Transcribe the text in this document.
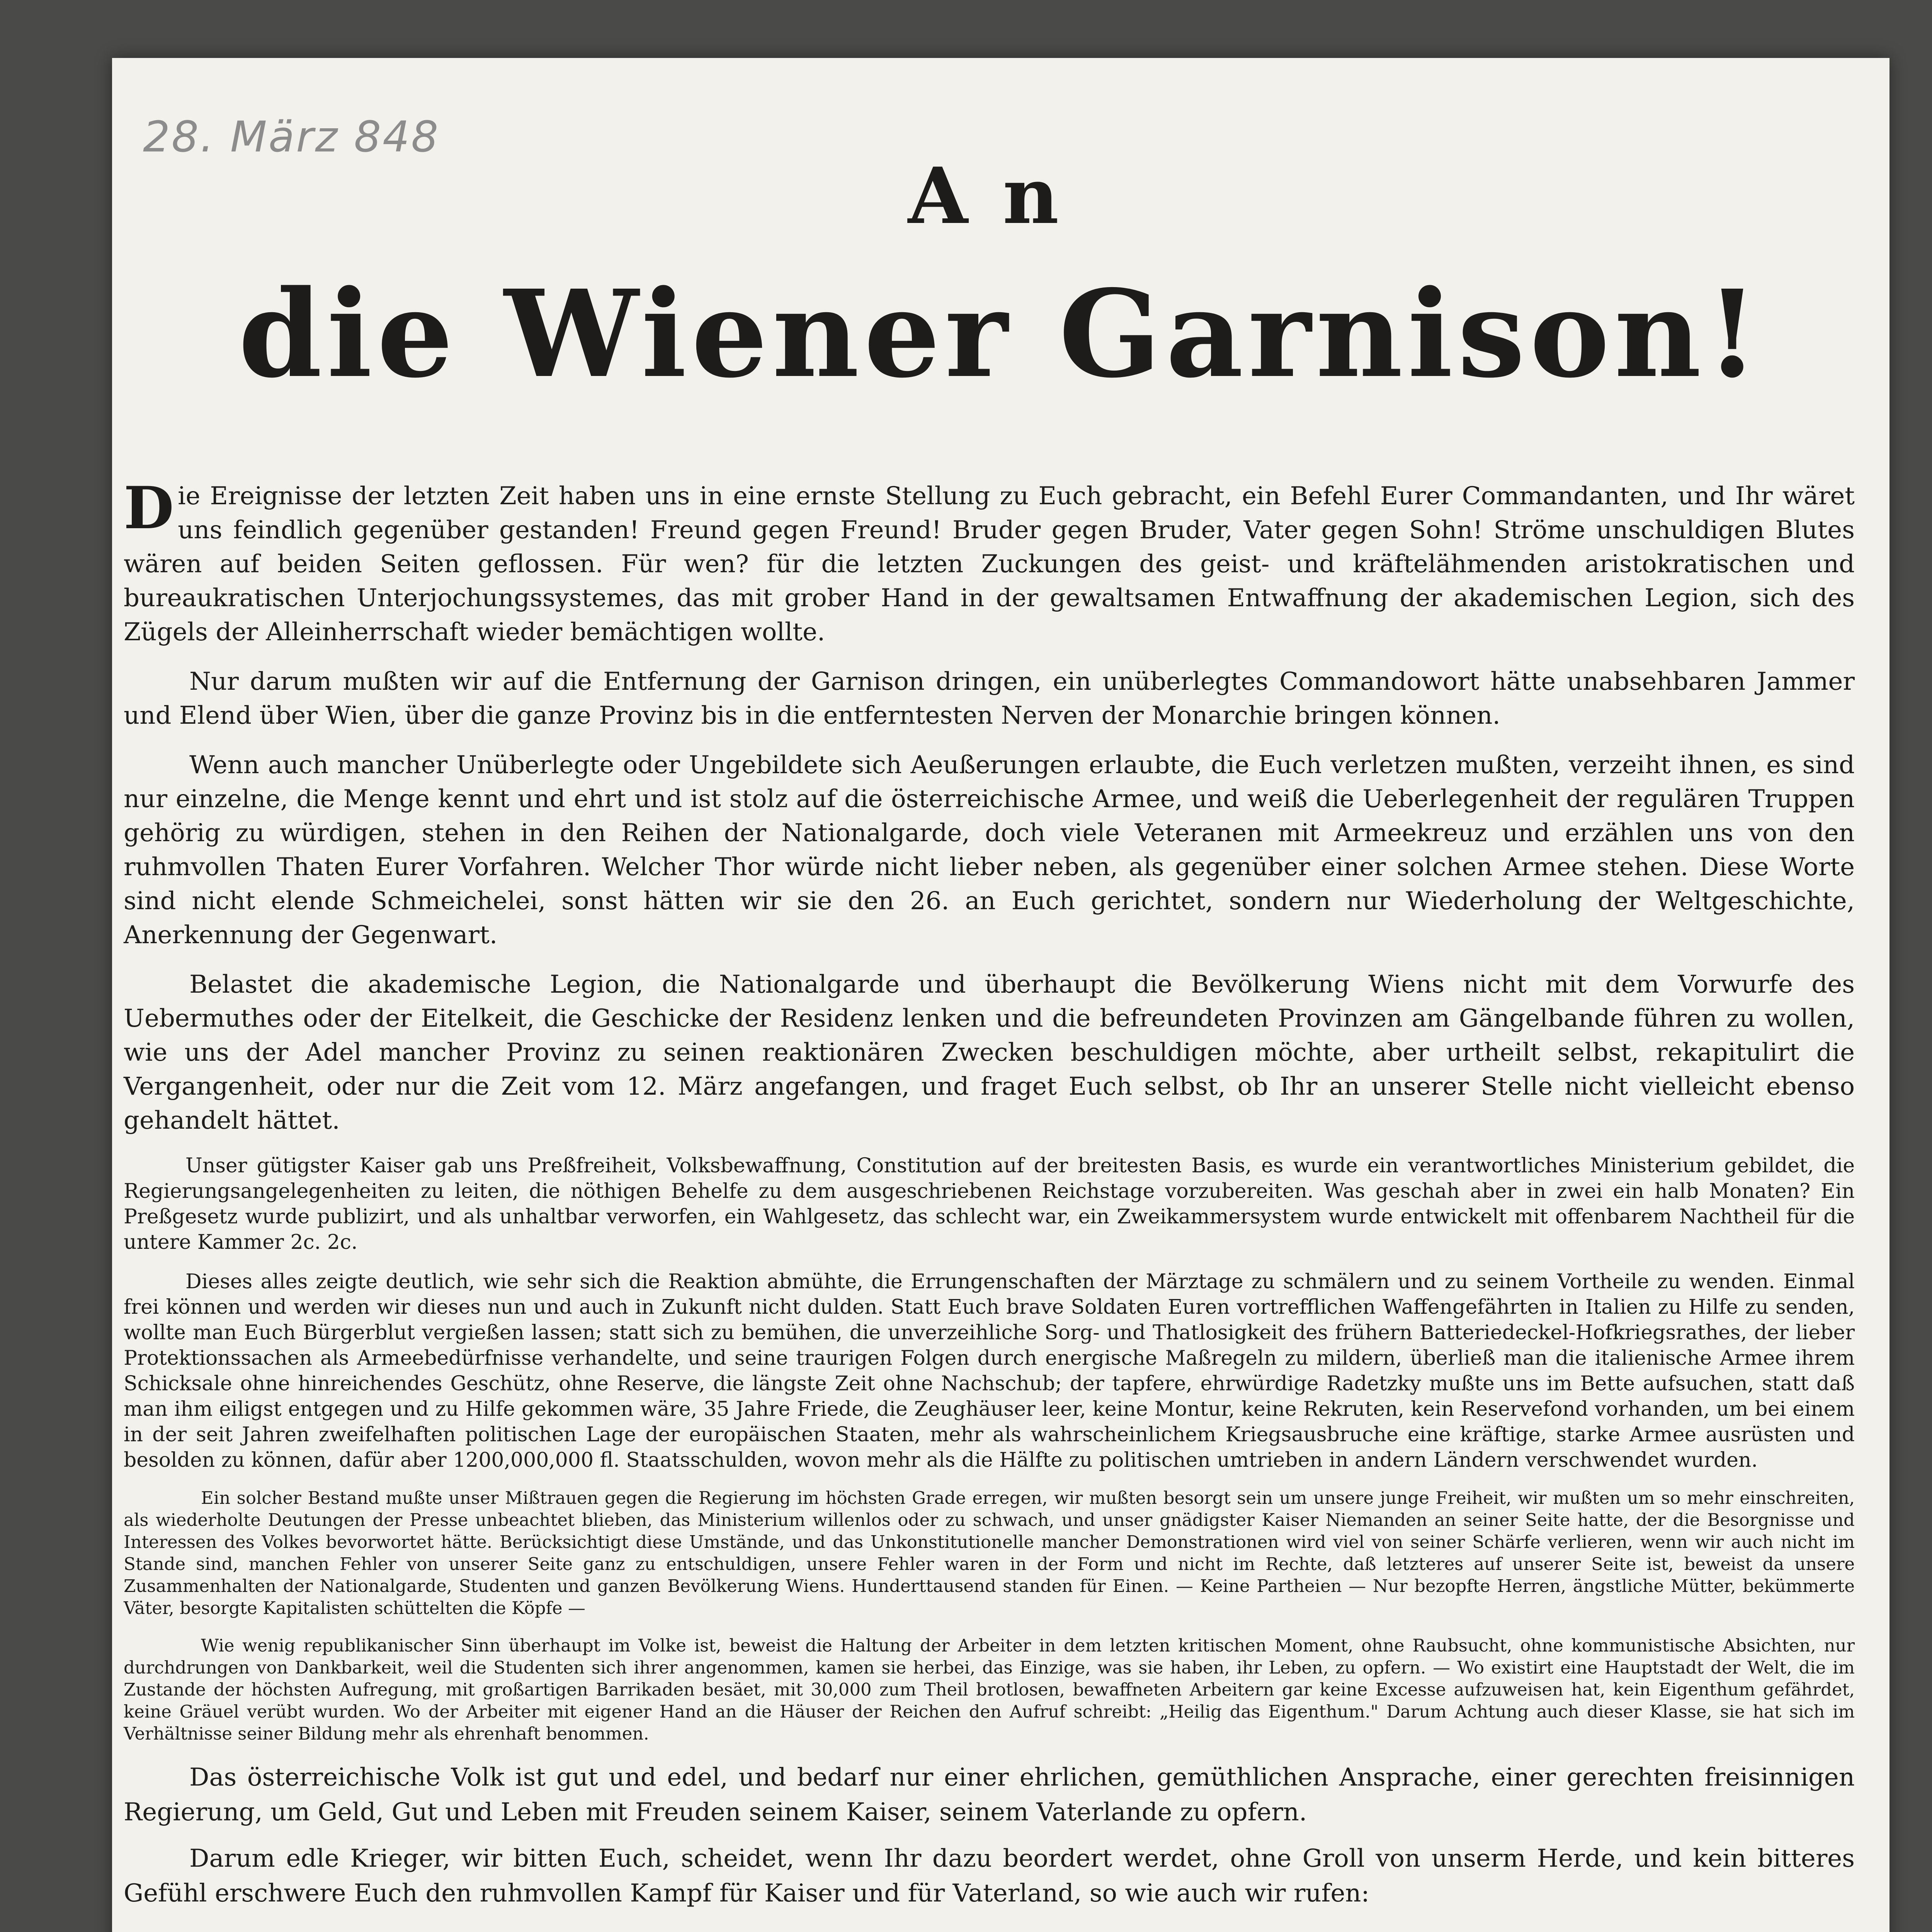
28. März 848
An
die Wiener Garnison!

Die Ereignisse der letzten Zeit haben uns in eine ernste Stellung zu Euch gebracht, ein Befehl Eurer Commandanten, und Ihr wäret uns feindlich gegenüber gestanden! Freund gegen Freund! Bruder gegen Bruder, Vater gegen Sohn! Ströme unschuldigen Blutes wären auf beiden Seiten geflossen. Für wen? für die letzten Zuckungen des geist- und kräftelähmenden aristokratischen und bureaukratischen Unterjochungssystemes, das mit grober Hand in der gewaltsamen Entwaffnung der akademischen Legion, sich des Zügels der Alleinherrschaft wieder bemächtigen wollte.

Nur darum mußten wir auf die Entfernung der Garnison dringen, ein unüberlegtes Commandowort hätte unabsehbaren Jammer und Elend über Wien, über die ganze Provinz bis in die entferntesten Nerven der Monarchie bringen können.

Wenn auch mancher Unüberlegte oder Ungebildete sich Aeußerungen erlaubte, die Euch verletzen mußten, verzeiht ihnen, es sind nur einzelne, die Menge kennt und ehrt und ist stolz auf die österreichische Armee, und weiß die Ueberlegenheit der regulären Truppen gehörig zu würdigen, stehen in den Reihen der Nationalgarde, doch viele Veteranen mit Armeekreuz und erzählen uns von den ruhmvollen Thaten Eurer Vorfahren. Welcher Thor würde nicht lieber neben, als gegenüber einer solchen Armee stehen. Diese Worte sind nicht elende Schmeichelei, sonst hätten wir sie den 26. an Euch gerichtet, sondern nur Wiederholung der Weltgeschichte, Anerkennung der Gegenwart.

Belastet die akademische Legion, die Nationalgarde und überhaupt die Bevölkerung Wiens nicht mit dem Vorwurfe des Uebermuthes oder der Eitelkeit, die Geschicke der Residenz lenken und die befreundeten Provinzen am Gängelbande führen zu wollen, wie uns der Adel mancher Provinz zu seinen reaktionären Zwecken beschuldigen möchte, aber urtheilt selbst, rekapitulirt die Vergangenheit, oder nur die Zeit vom 12. März angefangen, und fraget Euch selbst, ob Ihr an unserer Stelle nicht vielleicht ebenso gehandelt hättet.

Unser gütigster Kaiser gab uns Preßfreiheit, Volksbewaffnung, Constitution auf der breitesten Basis, es wurde ein verantwortliches Ministerium gebildet, die Regierungsangelegenheiten zu leiten, die nöthigen Behelfe zu dem ausgeschriebenen Reichstage vorzubereiten. Was geschah aber in zwei ein halb Monaten? Ein Preßgesetz wurde publizirt, und als unhaltbar verworfen, ein Wahlgesetz, das schlecht war, ein Zweikammersystem wurde entwickelt mit offenbarem Nachtheil für die untere Kammer 2c. 2c.

Dieses alles zeigte deutlich, wie sehr sich die Reaktion abmühte, die Errungenschaften der Märztage zu schmälern und zu seinem Vortheile zu wenden. Einmal frei können und werden wir dieses nun und auch in Zukunft nicht dulden. Statt Euch brave Soldaten Euren vortrefflichen Waffengefährten in Italien zu Hilfe zu senden, wollte man Euch Bürgerblut vergießen lassen; statt sich zu bemühen, die unverzeihliche Sorg- und Thatlosigkeit des frühern Batteriedeckel-Hofkriegsrathes, der lieber Protektionssachen als Armeebedürfnisse verhandelte, und seine traurigen Folgen durch energische Maßregeln zu mildern, überließ man die italienische Armee ihrem Schicksale ohne hinreichendes Geschütz, ohne Reserve, die längste Zeit ohne Nachschub; der tapfere, ehrwürdige Radetzky mußte uns im Bette aufsuchen, statt daß man ihm eiligst entgegen und zu Hilfe gekommen wäre, 35 Jahre Friede, die Zeughäuser leer, keine Montur, keine Rekruten, kein Reservefond vorhanden, um bei einem in der seit Jahren zweifelhaften politischen Lage der europäischen Staaten, mehr als wahrscheinlichem Kriegsausbruche eine kräftige, starke Armee ausrüsten und besolden zu können, dafür aber 1200,000,000 fl. Staatsschulden, wovon mehr als die Hälfte zu politischen umtrieben in andern Ländern verschwendet wurden.

Ein solcher Bestand mußte unser Mißtrauen gegen die Regierung im höchsten Grade erregen, wir mußten besorgt sein um unsere junge Freiheit, wir mußten um so mehr einschreiten, als wiederholte Deutungen der Presse unbeachtet blieben, das Ministerium willenlos oder zu schwach, und unser gnädigster Kaiser Niemanden an seiner Seite hatte, der die Besorgnisse und Interessen des Volkes bevorwortet hätte. Berücksichtigt diese Umstände, und das Unkonstitutionelle mancher Demonstrationen wird viel von seiner Schärfe verlieren, wenn wir auch nicht im Stande sind, manchen Fehler von unserer Seite ganz zu entschuldigen, unsere Fehler waren in der Form und nicht im Rechte, daß letzteres auf unserer Seite ist, beweist da unsere Zusammenhalten der Nationalgarde, Studenten und ganzen Bevölkerung Wiens. Hunderttausend standen für Einen. — Keine Partheien — Nur bezopfte Herren, ängstliche Mütter, bekümmerte Väter, besorgte Kapitalisten schüttelten die Köpfe —

Wie wenig republikanischer Sinn überhaupt im Volke ist, beweist die Haltung der Arbeiter in dem letzten kritischen Moment, ohne Raubsucht, ohne kommunistische Absichten, nur durchdrungen von Dankbarkeit, weil die Studenten sich ihrer angenommen, kamen sie herbei, das Einzige, was sie haben, ihr Leben, zu opfern. — Wo existirt eine Hauptstadt der Welt, die im Zustande der höchsten Aufregung, mit großartigen Barrikaden besäet, mit 30,000 zum Theil brotlosen, bewaffneten Arbeitern gar keine Excesse aufzuweisen hat, kein Eigenthum gefährdet, keine Gräuel verübt wurden. Wo der Arbeiter mit eigener Hand an die Häuser der Reichen den Aufruf schreibt: „Heilig das Eigenthum." Darum Achtung auch dieser Klasse, sie hat sich im Verhältnisse seiner Bildung mehr als ehrenhaft benommen.

Das österreichische Volk ist gut und edel, und bedarf nur einer ehrlichen, gemüthlichen Ansprache, einer gerechten freisinnigen Regierung, um Geld, Gut und Leben mit Freuden seinem Kaiser, seinem Vaterlande zu opfern.

Darum edle Krieger, wir bitten Euch, scheidet, wenn Ihr dazu beordert werdet, ohne Groll von unserm Herde, und kein bitteres Gefühl erschwere Euch den ruhmvollen Kampf für Kaiser und für Vaterland, so wie auch wir rufen:
